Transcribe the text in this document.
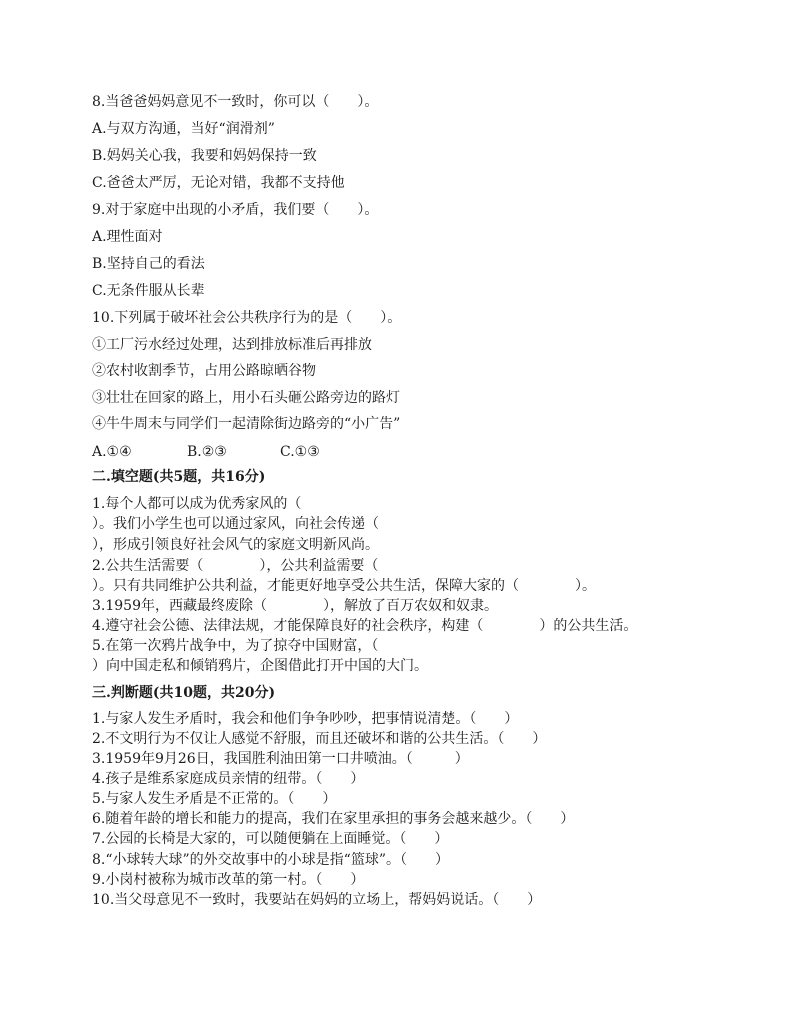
8.当爸爸妈妈意见不一致时，你可以（　　）。
A.与双方沟通，当好“润滑剂”
B.妈妈关心我，我要和妈妈保持一致
C.爸爸太严厉，无论对错，我都不支持他
9.对于家庭中出现的小矛盾，我们要（　　）。
A.理性面对
B.坚持自己的看法
C.无条件服从长辈
10.下列属于破坏社会公共秩序行为的是（　　）。
①工厂污水经过处理，达到排放标准后再排放
②农村收割季节，占用公路晾晒谷物
③壮壮在回家的路上，用小石头砸公路旁边的路灯
④牛牛周末与同学们一起清除街边路旁的“小广告”
A.①④	B.②③	C.①③
二.填空题(共5题，共16分)
1.每个人都可以成为优秀家风的（
）。我们小学生也可以通过家风，向社会传递（
），形成引领良好社会风气的家庭文明新风尚。
2.公共生活需要（　　　　），公共利益需要（
）。只有共同维护公共利益，才能更好地享受公共生活，保障大家的（　　　　）。
3.1959年，西藏最终废除（　　　　），解放了百万农奴和奴隶。
4.遵守社会公德、法律法规，才能保障良好的社会秩序，构建（　　　　）的公共生活。
5.在第一次鸦片战争中，为了掠夺中国财富，（
）向中国走私和倾销鸦片，企图借此打开中国的大门。
三.判断题(共10题，共20分)
1.与家人发生矛盾时，我会和他们争争吵吵，把事情说清楚。（　　）
2.不文明行为不仅让人感觉不舒服，而且还破坏和谐的公共生活。（　　）
3.1959年9月26日，我国胜利油田第一口井喷油。（　　　）
4.孩子是维系家庭成员亲情的纽带。（　　）
5.与家人发生矛盾是不正常的。（　　）
6.随着年龄的增长和能力的提高，我们在家里承担的事务会越来越少。（　　）
7.公园的长椅是大家的，可以随便躺在上面睡觉。（　　）
8.“小球转大球”的外交故事中的小球是指“篮球”。（　　）
9.小岗村被称为城市改革的第一村。（　　）
10.当父母意见不一致时，我要站在妈妈的立场上，帮妈妈说话。（　　）
